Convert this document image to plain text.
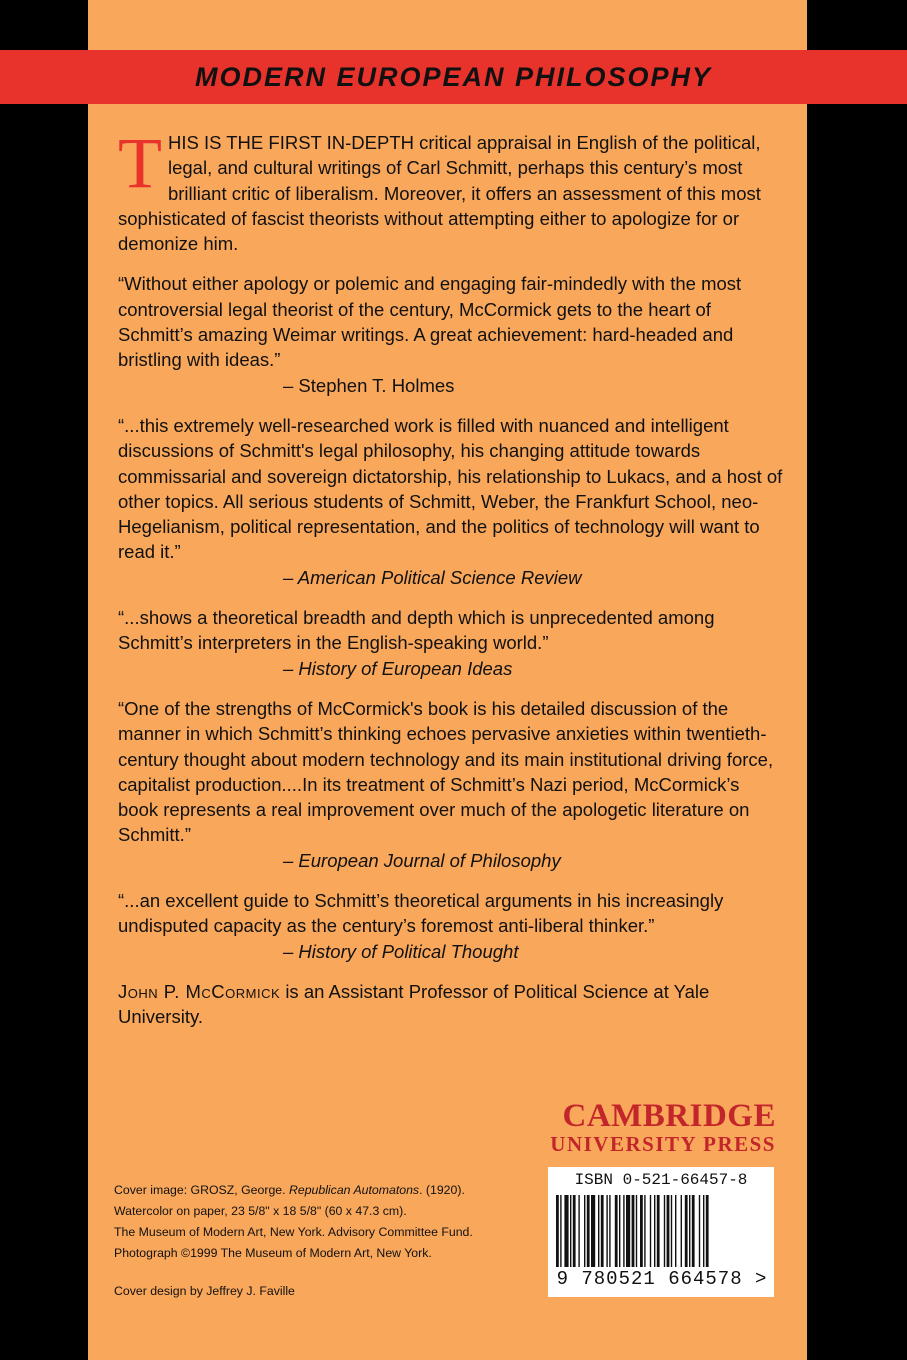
MODERN EUROPEAN PHILOSOPHY

T HIS IS THE FIRST IN-DEPTH critical appraisal in English of the political, legal, and cultural writings of Carl Schmitt, perhaps this century’s most brilliant critic of liberalism. Moreover, it offers an assessment of this most sophisticated of fascist theorists without attempting either to apologize for or demonize him.

“Without either apology or polemic and engaging fair-mindedly with the most controversial legal theorist of the century, McCormick gets to the heart of Schmitt’s amazing Weimar writings. A great achievement: hard-headed and bristling with ideas.”

– Stephen T. Holmes

“...this extremely well-researched work is filled with nuanced and intelligent discussions of Schmitt's legal philosophy, his changing attitude towards commissarial and sovereign dictatorship, his relationship to Lukacs, and a host of other topics. All serious students of Schmitt, Weber, the Frankfurt School, neo-Hegelianism, political representation, and the politics of technology will want to read it.”

– American Political Science Review

“...shows a theoretical breadth and depth which is unprecedented among Schmitt’s interpreters in the English-speaking world.”

– History of European Ideas

“One of the strengths of McCormick's book is his detailed discussion of the manner in which Schmitt’s thinking echoes pervasive anxieties within twentieth-century thought about modern technology and its main institutional driving force, capitalist production....In its treatment of Schmitt’s Nazi period, McCormick’s book represents a real improvement over much of the apologetic literature on Schmitt.”

– European Journal of Philosophy

“...an excellent guide to Schmitt’s theoretical arguments in his increasingly undisputed capacity as the century’s foremost anti-liberal thinker.”

– History of Political Thought

John P. McCormick is an Assistant Professor of Political Science at Yale University.

CAMBRIDGE
UNIVERSITY PRESS
Cover image: GROSZ, George. Republican Automatons. (1920).
Watercolor on paper, 23 5/8" x 18 5/8" (60 x 47.3 cm).
The Museum of Modern Art, New York. Advisory Committee Fund.
Photograph ©1999 The Museum of Modern Art, New York.
Cover design by Jeffrey J. Faville
ISBN 0-521-66457-8
9 780521 664578 >
